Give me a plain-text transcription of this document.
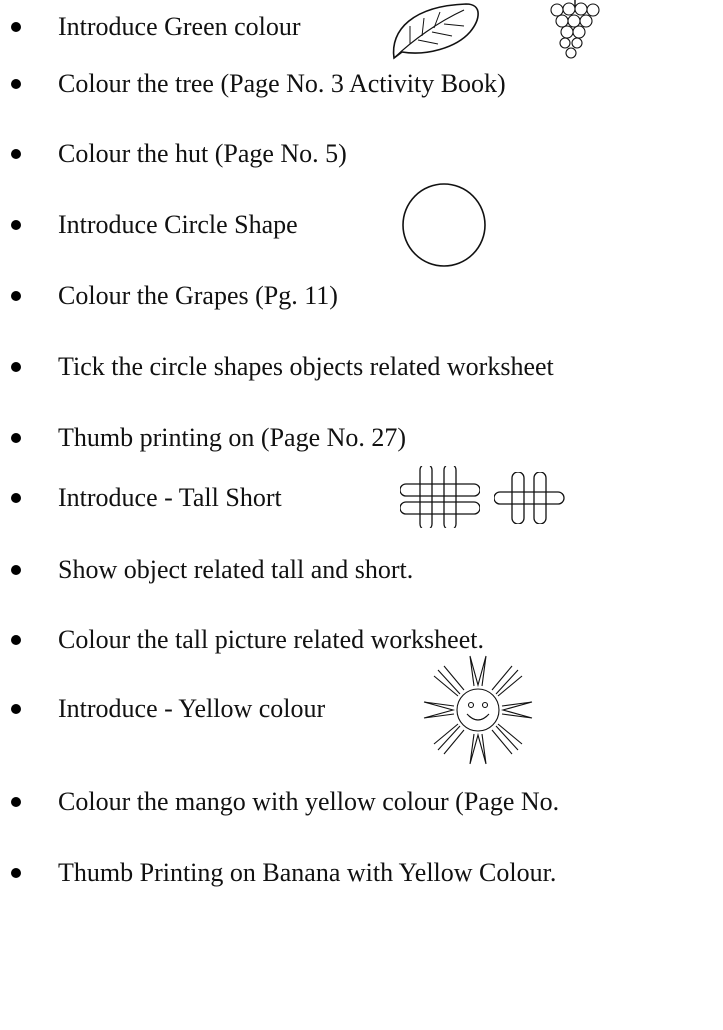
Introduce Green colour
Colour the tree (Page No. 3 Activity Book)
Colour the hut (Page No. 5)
Introduce Circle Shape
Colour the Grapes (Pg. 11)
Tick the circle shapes objects related worksheet
Thumb printing on (Page No. 27)
Introduce - Tall Short
Show object related tall and short.
Colour the tall picture related worksheet.
Introduce - Yellow colour
Colour the mango with yellow colour (Page No.
Thumb Printing on Banana with Yellow Colour.
